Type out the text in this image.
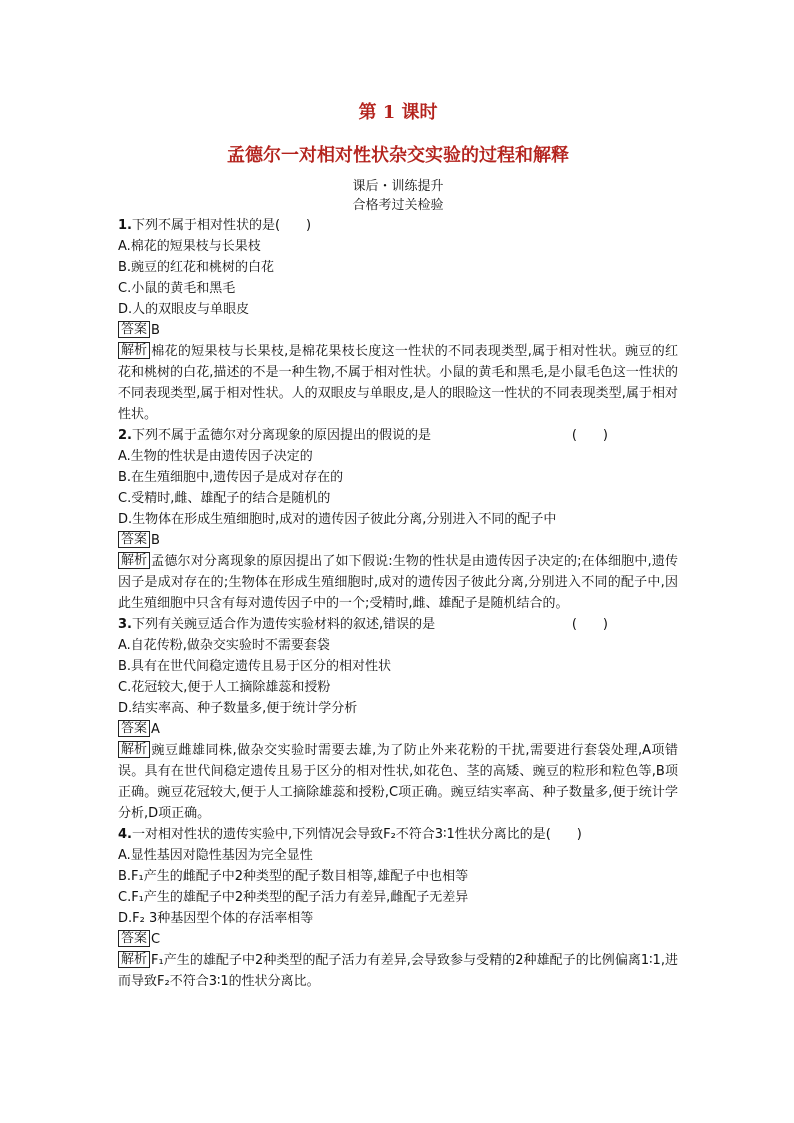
第 1 课时
孟德尔一对相对性状杂交实验的过程和解释
课后・训练提升
合格考过关检验
1.下列不属于相对性状的是(　　)
A.棉花的短果枝与长果枝
B.豌豆的红花和桃树的白花
C.小鼠的黄毛和黑毛
D.人的双眼皮与单眼皮
答案 B

解析 棉花的短果枝与长果枝,是棉花果枝长度这一性状的不同表现类型,属于相对性状。豌豆的红花和桃树的白花,描述的不是一种生物,不属于相对性状。小鼠的黄毛和黑毛,是小鼠毛色这一性状的不同表现类型,属于相对性状。人的双眼皮与单眼皮,是人的眼睑这一性状的不同表现类型,属于相对性状。

2.下列不属于孟德尔对分离现象的原因提出的假说的是	(　　)
A.生物的性状是由遗传因子决定的
B.在生殖细胞中,遗传因子是成对存在的
C.受精时,雌、雄配子的结合是随机的
D.生物体在形成生殖细胞时,成对的遗传因子彼此分离,分别进入不同的配子中
答案 B

解析 孟德尔对分离现象的原因提出了如下假说:生物的性状是由遗传因子决定的;在体细胞中,遗传因子是成对存在的;生物体在形成生殖细胞时,成对的遗传因子彼此分离,分别进入不同的配子中,因此生殖细胞中只含有每对遗传因子中的一个;受精时,雌、雄配子是随机结合的。

3.下列有关豌豆适合作为遗传实验材料的叙述,错误的是	(　　)
A.自花传粉,做杂交实验时不需要套袋
B.具有在世代间稳定遗传且易于区分的相对性状
C.花冠较大,便于人工摘除雄蕊和授粉
D.结实率高、种子数量多,便于统计学分析
答案 A

解析 豌豆雌雄同株,做杂交实验时需要去雄,为了防止外来花粉的干扰,需要进行套袋处理,A项错误。具有在世代间稳定遗传且易于区分的相对性状,如花色、茎的高矮、豌豆的粒形和粒色等,B项正确。豌豆花冠较大,便于人工摘除雄蕊和授粉,C项正确。豌豆结实率高、种子数量多,便于统计学分析,D项正确。

4.一对相对性状的遗传实验中,下列情况会导致F₂不符合3∶1性状分离比的是(　　)
A.显性基因对隐性基因为完全显性
B.F₁产生的雌配子中2种类型的配子数目相等,雄配子中也相等
C.F₁产生的雄配子中2种类型的配子活力有差异,雌配子无差异
D.F₂ 3种基因型个体的存活率相等
答案 C

解析 F₁产生的雄配子中2种类型的配子活力有差异,会导致参与受精的2种雄配子的比例偏离1∶1,进而导致F₂不符合3∶1的性状分离比。
